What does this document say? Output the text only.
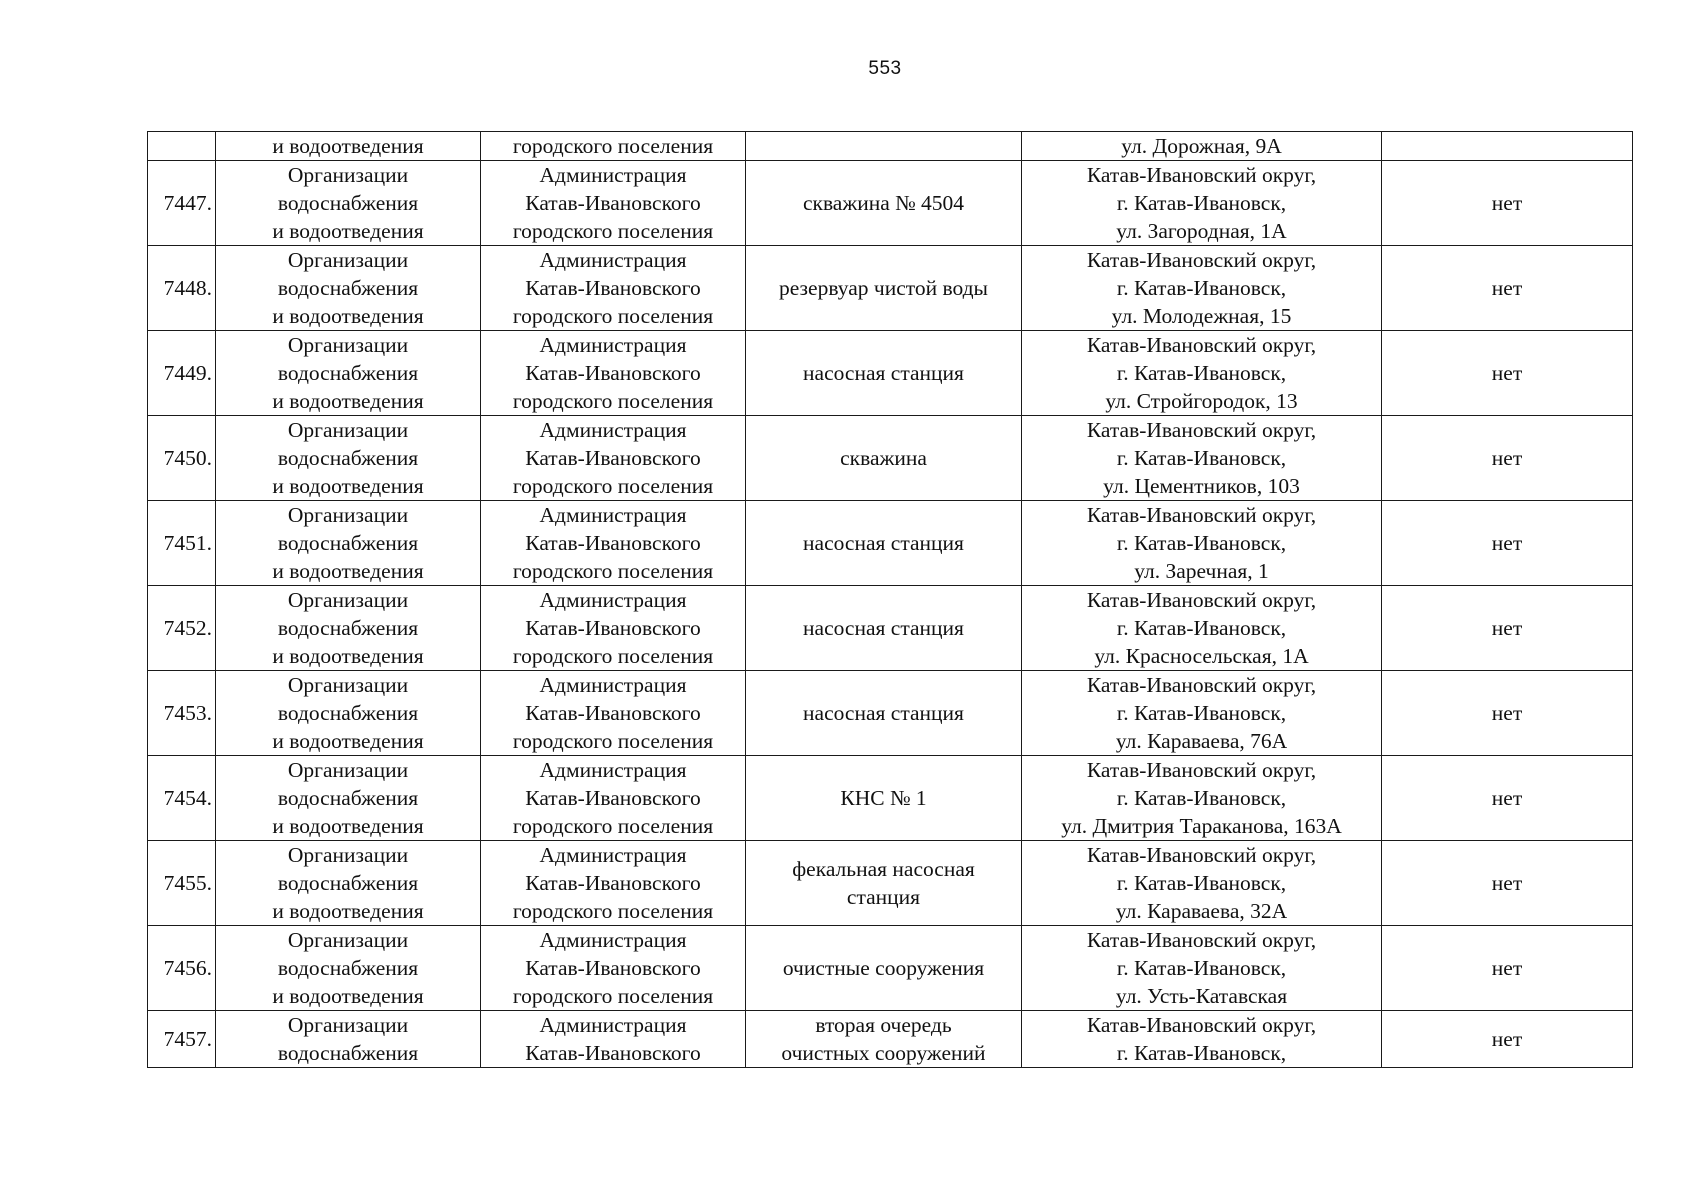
553
	и водоотведения	городского поселения		ул. Дорожная, 9А	
7447.	Организации
водоснабжения
и водоотведения	Администрация
Катав-Ивановского
городского поселения	скважина № 4504	Катав-Ивановский округ,
г. Катав-Ивановск,
ул. Загородная, 1А	нет
7448.	Организации
водоснабжения
и водоотведения	Администрация
Катав-Ивановского
городского поселения	резервуар чистой воды	Катав-Ивановский округ,
г. Катав-Ивановск,
ул. Молодежная, 15	нет
7449.	Организации
водоснабжения
и водоотведения	Администрация
Катав-Ивановского
городского поселения	насосная станция	Катав-Ивановский округ,
г. Катав-Ивановск,
ул. Стройгородок, 13	нет
7450.	Организации
водоснабжения
и водоотведения	Администрация
Катав-Ивановского
городского поселения	скважина	Катав-Ивановский округ,
г. Катав-Ивановск,
ул. Цементников, 103	нет
7451.	Организации
водоснабжения
и водоотведения	Администрация
Катав-Ивановского
городского поселения	насосная станция	Катав-Ивановский округ,
г. Катав-Ивановск,
ул. Заречная, 1	нет
7452.	Организации
водоснабжения
и водоотведения	Администрация
Катав-Ивановского
городского поселения	насосная станция	Катав-Ивановский округ,
г. Катав-Ивановск,
ул. Красносельская, 1А	нет
7453.	Организации
водоснабжения
и водоотведения	Администрация
Катав-Ивановского
городского поселения	насосная станция	Катав-Ивановский округ,
г. Катав-Ивановск,
ул. Караваева, 76А	нет
7454.	Организации
водоснабжения
и водоотведения	Администрация
Катав-Ивановского
городского поселения	КНС № 1	Катав-Ивановский округ,
г. Катав-Ивановск,
ул. Дмитрия Тараканова, 163А	нет
7455.	Организации
водоснабжения
и водоотведения	Администрация
Катав-Ивановского
городского поселения	фекальная насосная
станция	Катав-Ивановский округ,
г. Катав-Ивановск,
ул. Караваева, 32А	нет
7456.	Организации
водоснабжения
и водоотведения	Администрация
Катав-Ивановского
городского поселения	очистные сооружения	Катав-Ивановский округ,
г. Катав-Ивановск,
ул. Усть-Катавская	нет
7457.	Организации
водоснабжения	Администрация
Катав-Ивановского	вторая очередь
очистных сооружений	Катав-Ивановский округ,
г. Катав-Ивановск,	нет
